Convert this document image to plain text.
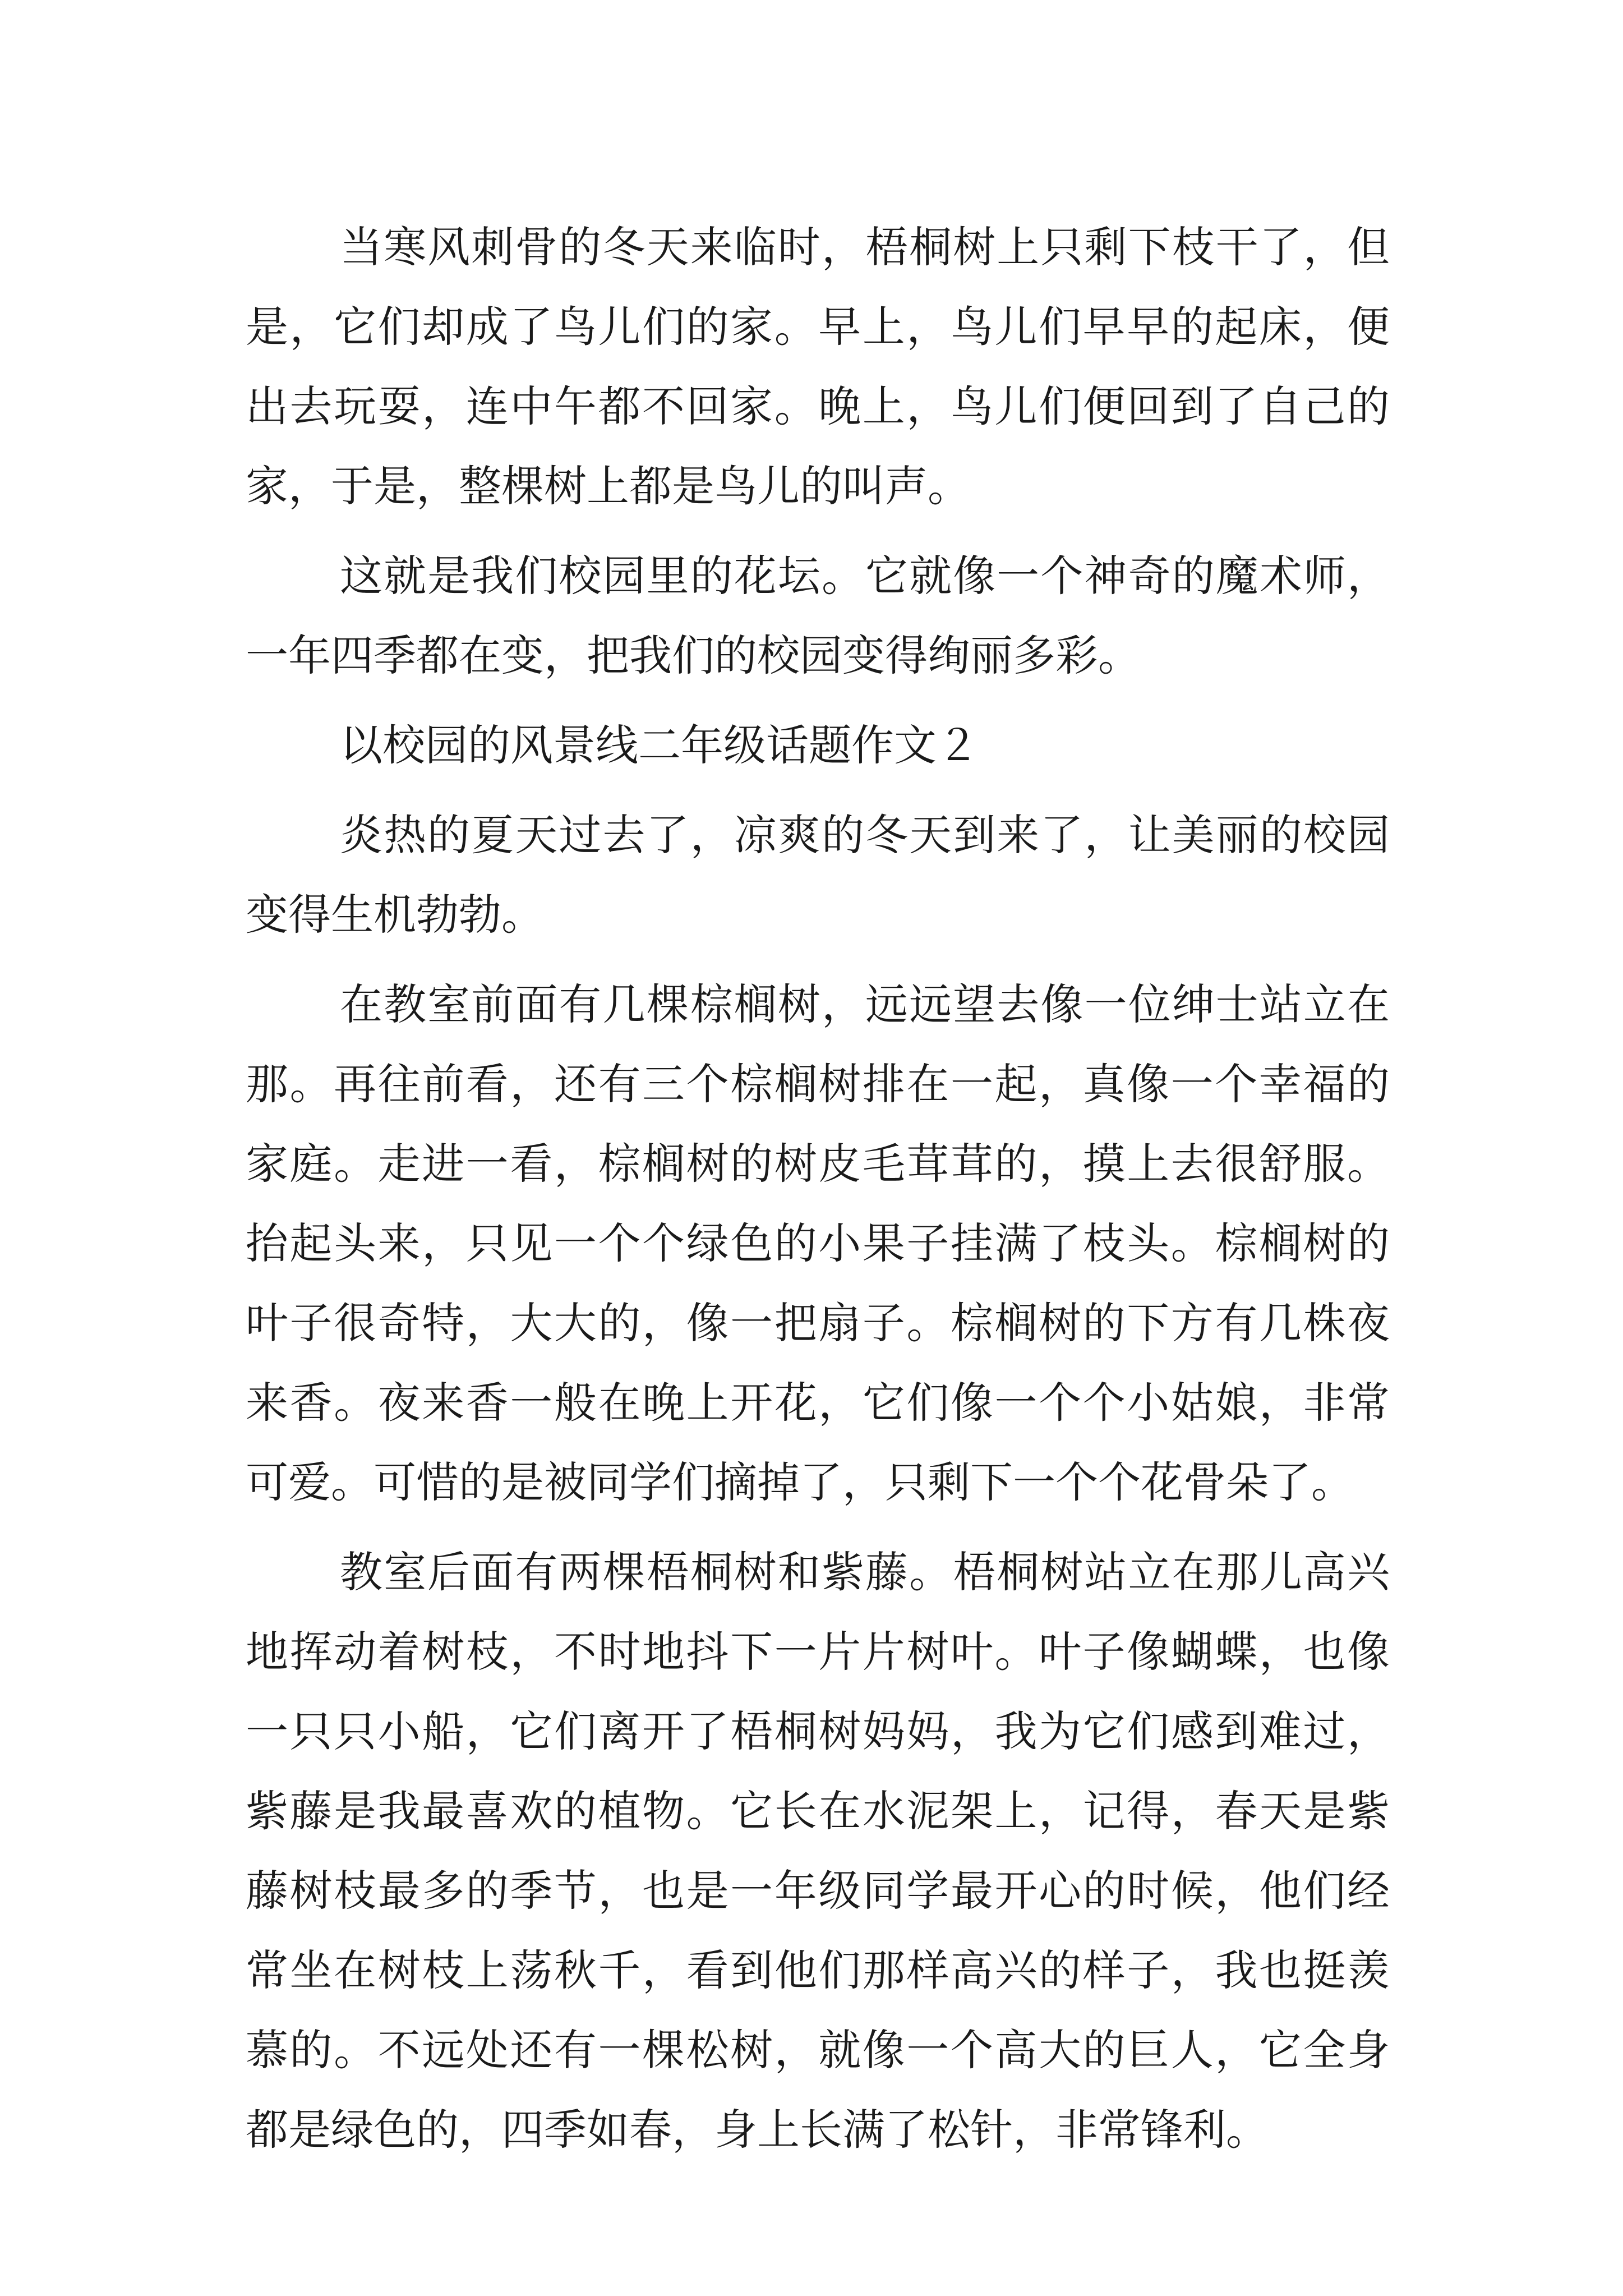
当寒风刺骨的冬天来临时，梧桐树上只剩下枝干了，但是，它们却成了鸟儿们的家。早上，鸟儿们早早的起床，便出去玩耍，连中午都不回家。晚上，鸟儿们便回到了自己的家，于是，整棵树上都是鸟儿的叫声。

这就是我们校园里的花坛。它就像一个神奇的魔术师，一年四季都在变，把我们的校园变得绚丽多彩。

以校园的风景线二年级话题作文２

炎热的夏天过去了，凉爽的冬天到来了，让美丽的校园变得生机勃勃。

在教室前面有几棵棕榈树，远远望去像一位绅士站立在那。再往前看，还有三个棕榈树排在一起，真像一个幸福的家庭。走进一看，棕榈树的树皮毛茸茸的，摸上去很舒服。抬起头来，只见一个个绿色的小果子挂满了枝头。棕榈树的叶子很奇特，大大的，像一把扇子。棕榈树的下方有几株夜来香。夜来香一般在晚上开花，它们像一个个小姑娘，非常可爱。可惜的是被同学们摘掉了，只剩下一个个花骨朵了。

教室后面有两棵梧桐树和紫藤。梧桐树站立在那儿高兴地挥动着树枝，不时地抖下一片片树叶。叶子像蝴蝶，也像一只只小船，它们离开了梧桐树妈妈，我为它们感到难过，紫藤是我最喜欢的植物。它长在水泥架上，记得，春天是紫藤树枝最多的季节，也是一年级同学最开心的时候，他们经常坐在树枝上荡秋千，看到他们那样高兴的样子，我也挺羡慕的。不远处还有一棵松树，就像一个高大的巨人，它全身都是绿色的，四季如春，身上长满了松针，非常锋利。
